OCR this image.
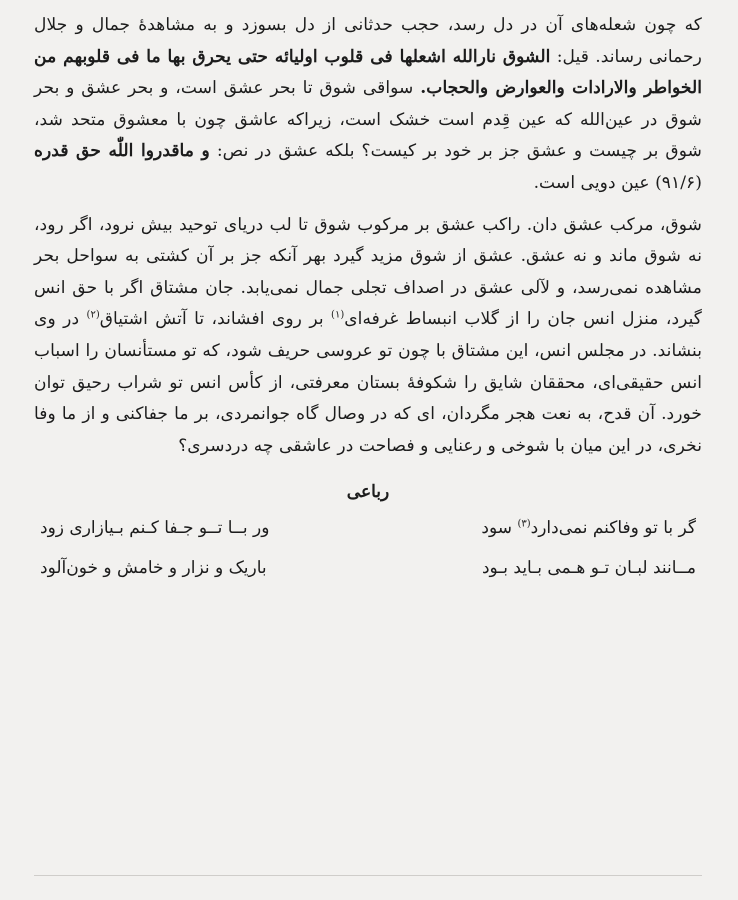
که چون شعله‌های آن در دل رسد، حجب حدثانی از دل بسوزد و به مشاهدهٔ جمال و جلال رحمانی رساند. قیل: الشوق نارالله اشعلها فی قلوب اولیائه حتی یحرق بها ما فی قلوبهم من الخواطر والارادات والعوارض والحجاب. سواقی شوق تا بحر عشق است، و بحر عشق و بحر شوق در عین‌الله که عین قِدم است خشک است، زیراکه عاشق چون با معشوق متحد شد، شوق بر چیست و عشق جز بر خود بر کیست؟ بلکه عشق در نص: و ماقدروا اللّٰه حق قدره (۹۱/۶) عین دویی است.

شوق، مرکب عشق دان. راکب عشق بر مرکوب شوق تا لب دریای توحید بیش نرود، اگر رود، نه شوق ماند و نه عشق. عشق از شوق مزید گیرد بهر آنکه جز بر آن کشتی به سواحل بحر مشاهده نمی‌رسد، و لآلی عشق در اصداف تجلی جمال نمی‌یابد. جان مشتاق اگر با حق انس گیرد، منزل انس جان را از گلاب انبساط غرفه‌ای$^{(۱)}$ بر روی افشاند، تا آتش اشتیاق$^{(۲)}$ در وی بنشاند. در مجلس انس، این مشتاق با چون تو عروسی حریف شود، که تو مستأنسان را اسباب انس حقیقی‌ای، محققان شایق را شکوفهٔ بستان معرفتی، از کأس انس تو شراب رحیق توان خورد. آن قدح، به نعت هجر مگردان، ای که در وصال گاه جوانمردی، بر ما جفاکنی و از ما وفا نخری، در این میان با شوخی و رعنایی و فصاحت در عاشقی چه دردسری؟

رباعی
گر با تو وفاکنم نمی‌دارد$^{(۳)}$ سود
ور بــا تــو جـفا کـنم بـیازاری زود
مــانند لبـان تـو هـمی بـاید بـود
باریک و نزار و خامش و خون‌آلود
